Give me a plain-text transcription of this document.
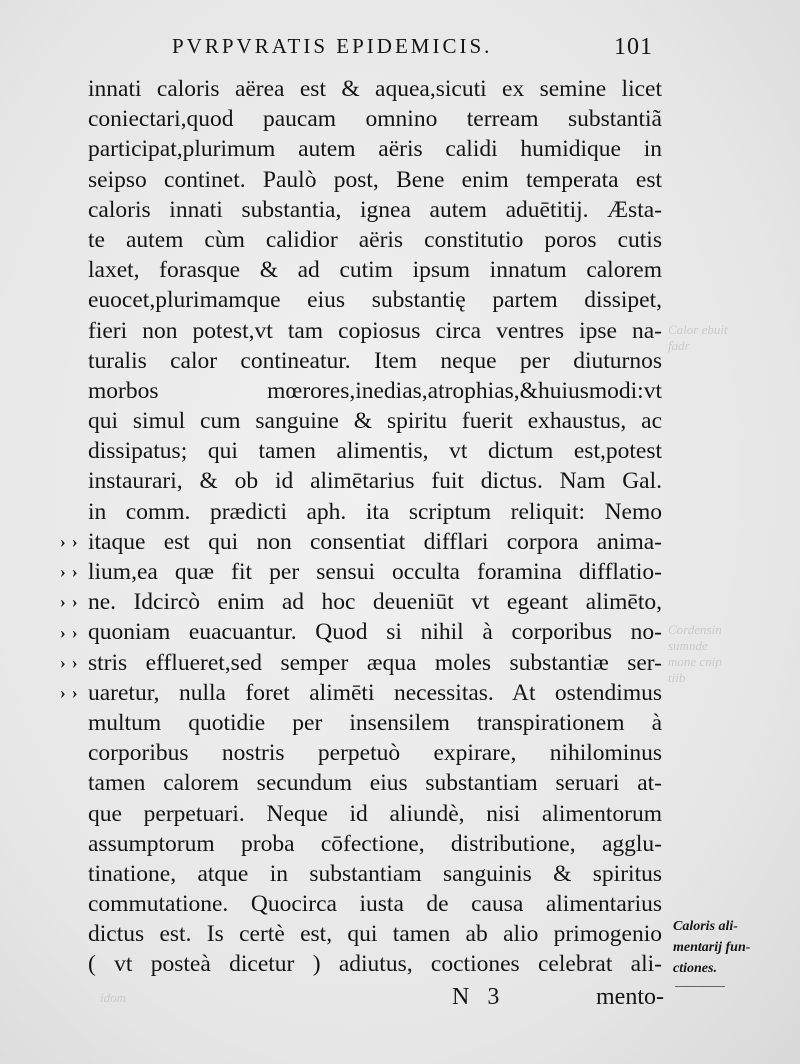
PVRPVRATIS EPIDEMICIS.	101
innati caloris aërea est & aquea,sicuti ex semine licet
coniectari,quod paucam omnino terream substantiã
participat,plurimum autem aëris calidi humidique in
seipso continet. Paulò post, Bene enim temperata est
caloris innati substantia, ignea autem aduētitij. Æsta-
te autem cùm calidior aëris constitutio poros cutis
laxet, forasque & ad cutim ipsum innatum calorem
euocet,plurimamque eius substantię partem dissipet,
fieri non potest,vt tam copiosus circa ventres ipse na-
turalis calor contineatur. Item neque per diuturnos
morbos mœrores,inedias,atrophias,&huiusmodi:vt
qui simul cum sanguine & spiritu fuerit exhaustus, ac
dissipatus; qui tamen alimentis, vt dictum est,potest
instaurari, & ob id alimētarius fuit dictus. Nam Gal.
in comm. prædicti aph. ita scriptum reliquit: Nemo
itaque est qui non consentiat difflari corpora anima-
lium,ea quæ fit per sensui occulta foramina difflatio-
ne. Idcircò enim ad hoc deueniūt vt egeant alimēto,
quoniam euacuantur. Quod si nihil à corporibus no-
stris efflueret,sed semper æqua moles substantiæ ser-
uaretur, nulla foret alimēti necessitas. At ostendimus
multum quotidie per insensilem transpirationem à
corporibus nostris perpetuò expirare, nihilominus
tamen calorem secundum eius substantiam seruari at-
que perpetuari. Neque id aliundè, nisi alimentorum
assumptorum proba cōfectione, distributione, agglu-
tinatione, atque in substantiam sanguinis & spiritus
commutatione. Quocirca iusta de causa alimentarius
dictus est. Is certè est, qui tamen ab alio primogenio
( vt posteà dicetur ) adiutus, coctiones celebrat ali-
› ›
› ›
› ›
› ›
› ›
› ›
Calor ebuit
fadr
Cordensin
sumnde
mone cnip
tiib
idom
Caloris ali-
mentarij fun-
ctiones.
N 3	mento-
